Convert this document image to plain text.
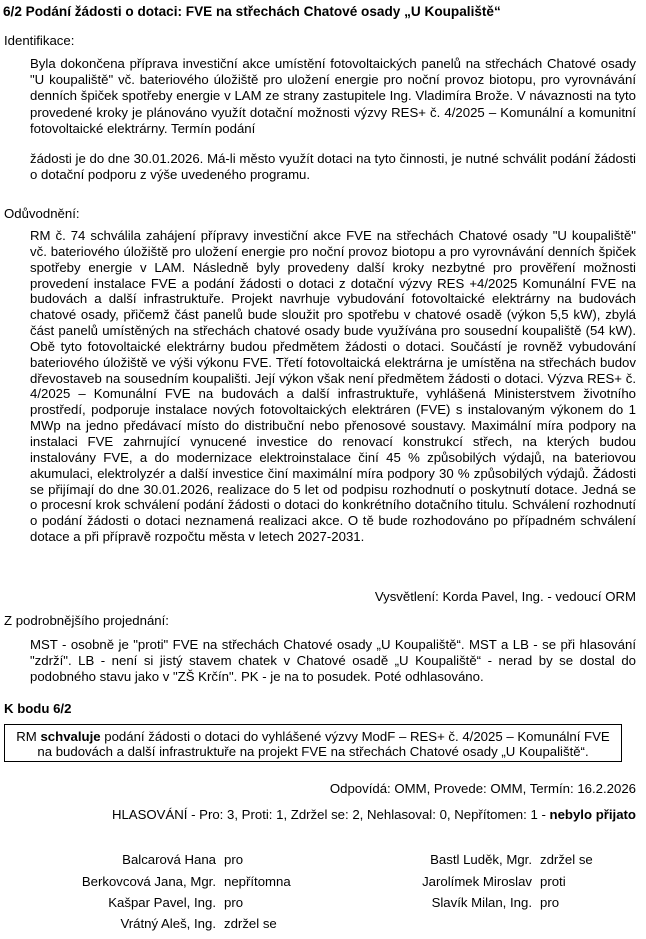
6/2 Podání žádosti o dotaci: FVE na střechách Chatové osady „U Koupaliště“
Identifikace:

Byla dokončena příprava investiční akce umístění fotovoltaických panelů na střechách Chatové osady "U koupaliště" vč. bateriového úložiště pro uložení energie pro noční provoz biotopu, pro vyrovnávání denních špiček spotřeby energie v LAM ze strany zastupitele Ing. Vladimíra Brože. V návaznosti na tyto provedené kroky je plánováno využít dotační možnosti výzvy RES+ č. 4/2025 – Komunální a komunitní fotovoltaické elektrárny. Termín podání

žádosti je do dne 30.01.2026. Má-li město využít dotaci na tyto činnosti, je nutné schválit podání žádosti o dotační podporu z výše uvedeného programu.

Odůvodnění:
RM č. 74 schválila zahájení přípravy investiční akce FVE na střechách Chatové osady "U koupaliště" vč. bateriového úložiště pro uložení energie pro noční provoz biotopu a pro vyrovnávání denních špiček spotřeby energie v LAM. Následně byly provedeny další kroky nezbytné pro prověření možnosti provedení instalace FVE a podání žádosti o dotaci z dotační výzvy RES +4/2025 Komunální FVE na budovách a další infrastruktuře. Projekt navrhuje vybudování fotovoltaické elektrárny na budovách chatové osady, přičemž část panelů bude sloužit pro spotřebu v chatové osadě (výkon 5,5 kW), zbylá část panelů umístěných na střechách chatové osady bude využívána pro sousední koupaliště (54 kW). Obě tyto fotovoltaické elektrárny budou předmětem žádosti o dotaci. Součástí je rovněž vybudování bateriového úložiště ve výši výkonu FVE. Třetí fotovoltaická elektrárna je umístěna na střechách budov dřevostaveb na sousedním koupališti. Její výkon však není předmětem žádosti o dotaci. Výzva RES+ č. 4/2025 – Komunální FVE na budovách a další infrastruktuře, vyhlášená Ministerstvem životního prostředí, podporuje instalace nových fotovoltaických elektráren (FVE) s instalovaným výkonem do 1 MWp na jedno předávací místo do distribuční nebo přenosové soustavy. Maximální míra podpory na instalaci FVE zahrnující vynucené investice do renovací konstrukcí střech, na kterých budou instalovány FVE, a do modernizace elektroinstalace činí 45 % způsobilých výdajů, na bateriovou akumulaci, elektrolyzér a další investice činí maximální míra podpory 30 % způsobilých výdajů. Žádosti se přijímají do dne 30.01.2026, realizace do 5 let od podpisu rozhodnutí o poskytnutí dotace. Jedná se o procesní krok schválení podání žádosti o dotaci do konkrétního dotačního titulu. Schválení rozhodnutí o podání žádosti o dotaci neznamená realizaci akce. O tě bude rozhodováno po případném schválení dotace a při přípravě rozpočtu města v letech 2027-2031.
Vysvětlení: Korda Pavel, Ing. - vedoucí ORM
Z podrobnějšího projednání:
MST - osobně je "proti" FVE na střechách Chatové osady „U Koupaliště“. MST a LB - se při hlasování "zdrží". LB - není si jistý stavem chatek v Chatové osadě „U Koupaliště“ - nerad by se dostal do podobného stavu jako v "ZŠ Krčín". PK - je na to posudek. Poté odhlasováno.
K bodu 6/2
RM schvaluje podání žádosti o dotaci do vyhlášené výzvy ModF – RES+ č. 4/2025 – Komunální FVE na budovách a další infrastruktuře na projekt FVE na střechách Chatové osady „U Koupaliště“.
Odpovídá: OMM, Provede: OMM, Termín: 16.2.2026
HLASOVÁNÍ - Pro: 3, Proti: 1, Zdržel se: 2, Nehlasoval: 0, Nepřítomen: 1 - nebylo přijato
Balcarová Hana pro
Berkovcová Jana, Mgr. nepřítomna
Kašpar Pavel, Ing. pro
Vrátný Aleš, Ing. zdržel se
Bastl Luděk, Mgr. zdržel se
Jarolímek Miroslav proti
Slavík Milan, Ing. pro
